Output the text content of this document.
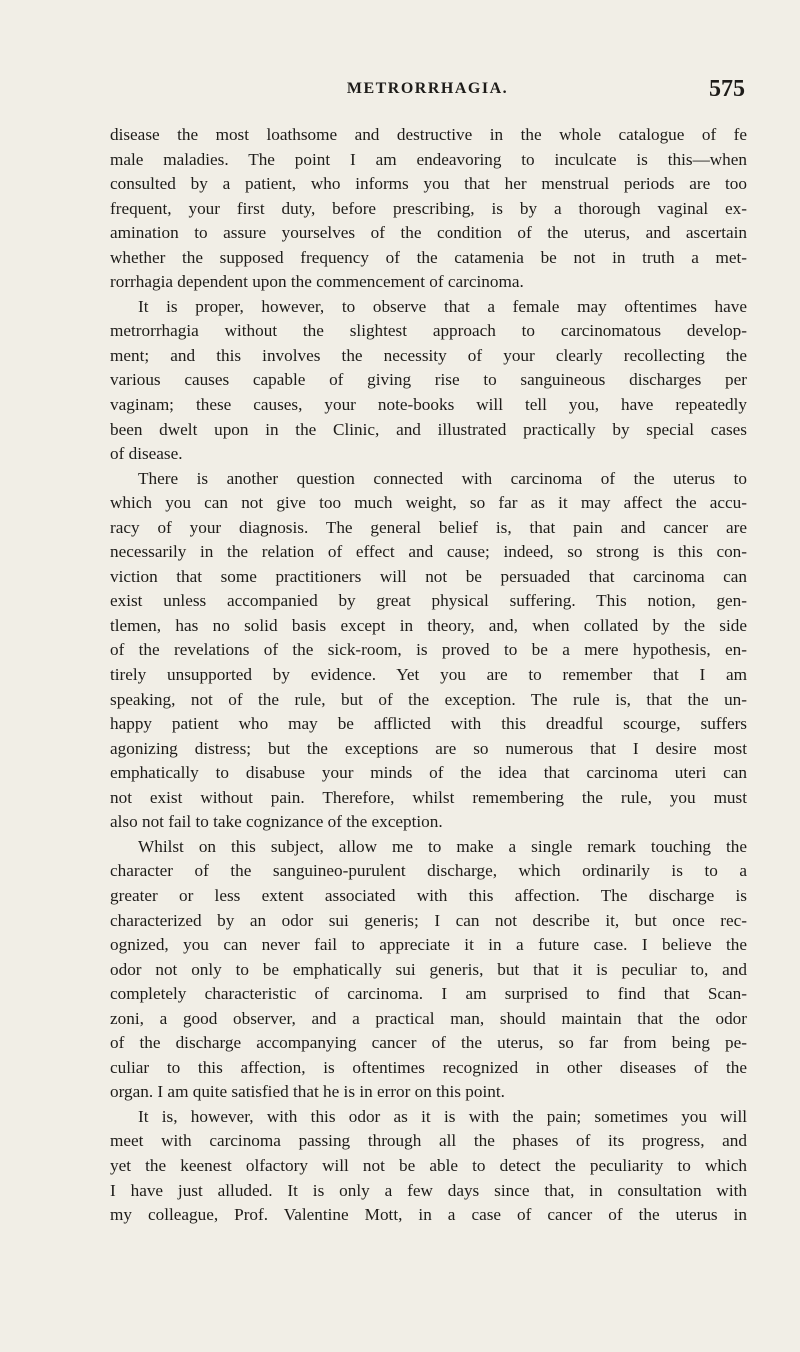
METRORRHAGIA.	575
disease the most loathsome and destructive in the whole catalogue of fe
male maladies. The point I am endeavoring to inculcate is this—when
consulted by a patient, who informs you that her menstrual periods are too
frequent, your first duty, before prescribing, is by a thorough vaginal ex-
amination to assure yourselves of the condition of the uterus, and ascertain
whether the supposed frequency of the catamenia be not in truth a met-
rorrhagia dependent upon the commencement of carcinoma.
It is proper, however, to observe that a female may oftentimes have
metrorrhagia without the slightest approach to carcinomatous develop-
ment; and this involves the necessity of your clearly recollecting the
various causes capable of giving rise to sanguineous discharges per
vaginam; these causes, your note-books will tell you, have repeatedly
been dwelt upon in the Clinic, and illustrated practically by special cases
of disease.
There is another question connected with carcinoma of the uterus to
which you can not give too much weight, so far as it may affect the accu-
racy of your diagnosis. The general belief is, that pain and cancer are
necessarily in the relation of effect and cause; indeed, so strong is this con-
viction that some practitioners will not be persuaded that carcinoma can
exist unless accompanied by great physical suffering. This notion, gen-
tlemen, has no solid basis except in theory, and, when collated by the side
of the revelations of the sick-room, is proved to be a mere hypothesis, en-
tirely unsupported by evidence. Yet you are to remember that I am
speaking, not of the rule, but of the exception. The rule is, that the un-
happy patient who may be afflicted with this dreadful scourge, suffers
agonizing distress; but the exceptions are so numerous that I desire most
emphatically to disabuse your minds of the idea that carcinoma uteri can
not exist without pain. Therefore, whilst remembering the rule, you must
also not fail to take cognizance of the exception.
Whilst on this subject, allow me to make a single remark touching the
character of the sanguineo-purulent discharge, which ordinarily is to a
greater or less extent associated with this affection. The discharge is
characterized by an odor sui generis; I can not describe it, but once rec-
ognized, you can never fail to appreciate it in a future case. I believe the
odor not only to be emphatically sui generis, but that it is peculiar to, and
completely characteristic of carcinoma. I am surprised to find that Scan-
zoni, a good observer, and a practical man, should maintain that the odor
of the discharge accompanying cancer of the uterus, so far from being pe-
culiar to this affection, is oftentimes recognized in other diseases of the
organ. I am quite satisfied that he is in error on this point.
It is, however, with this odor as it is with the pain; sometimes you will
meet with carcinoma passing through all the phases of its progress, and
yet the keenest olfactory will not be able to detect the peculiarity to which
I have just alluded. It is only a few days since that, in consultation with
my colleague, Prof. Valentine Mott, in a case of cancer of the uterus in
